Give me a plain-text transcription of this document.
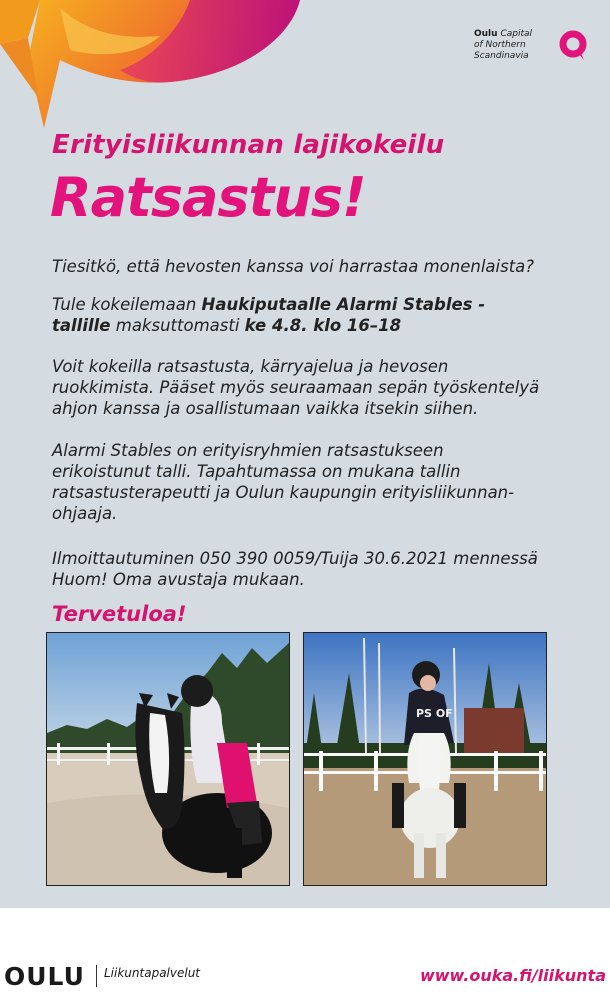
Oulu Capital
of Northern
Scandinavia
Erityisliikunnan lajikokeilu
Ratsastus!
Tiesitkö, että hevosten kanssa voi harrastaa monenlaista?
Tule kokeilemaan Haukiputaalle Alarmi Stables -
tallille maksuttomasti ke 4.8. klo 16–18
Voit kokeilla ratsastusta, kärryajelua ja hevosen
ruokkimista. Pääset myös seuraamaan sepän työskentelyä
ahjon kanssa ja osallistumaan vaikka itsekin siihen.
Alarmi Stables on erityisryhmien ratsastukseen
erikoistunut talli. Tapahtumassa on mukana tallin
ratsastusterapeutti ja Oulun kaupungin erityisliikunnan-
ohjaaja.
Ilmoittautuminen 050 390 0059/Tuija 30.6.2021 mennessä
Huom! Oma avustaja mukaan.
Tervetuloa!
PS OF
OULU Liikuntapalvelut	www.ouka.fi/liikunta
